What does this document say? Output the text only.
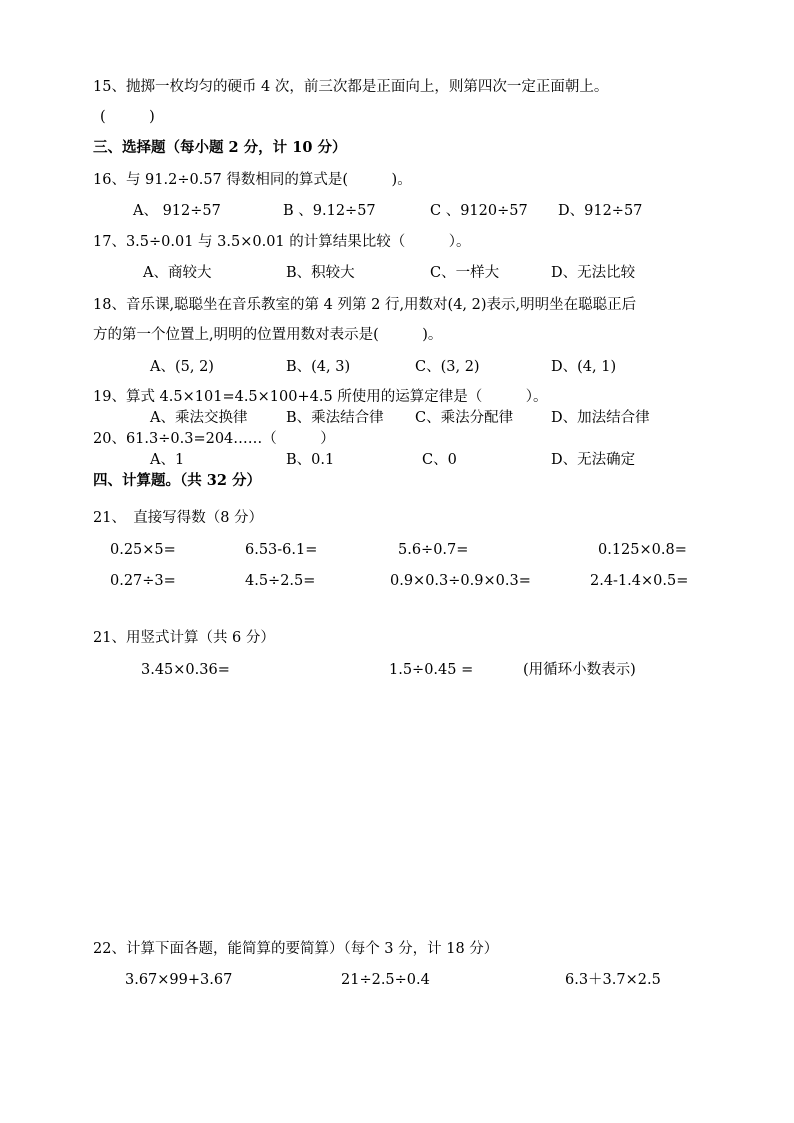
15、抛掷一枚均匀的硬币 4 次，前三次都是正面向上，则第四次一定正面朝上。
(　　　)
三、选择题（每小题 2 分，计 10 分）
16、与 91.2÷0.57 得数相同的算式是(　　　)。
A、 912÷57	B 、9.12÷57	C 、9120÷57 D、912÷57
17、3.5÷0.01 与 3.5×0.01 的计算结果比较（　　　）。
A、商较大	B、积较大	C、一样大	D、无法比较
18、音乐课,聪聪坐在音乐教室的第 4 列第 2 行,用数对(4, 2)表示,明明坐在聪聪正后
方的第一个位置上,明明的位置用数对表示是(　　　)。
A、(5, 2)	B、(4, 3)	C、(3, 2)	D、(4, 1)
19、算式 4.5×101=4.5×100+4.5 所使用的运算定律是（　　　）。
A、乘法交换律	B、乘法结合律 C、乘法分配律	D、加法结合律
20、61.3÷0.3=204……（　　　）
A、1	B、0.1	C、0	D、无法确定
四、计算题。（共 32 分）
21、　直接写得数（8 分）
0.25×5=	6.53-6.1=	5.6÷0.7=	0.125×0.8=
0.27÷3=	4.5÷2.5=	0.9×0.3÷0.9×0.3=	2.4-1.4×0.5=
21、用竖式计算（共 6 分）
3.45×0.36=	1.5÷0.45 =	(用循环小数表示)
22、计算下面各题，能简算的要简算）（每个 3 分，计 18 分）
3.67×99+3.67	21÷2.5÷0.4	6.3＋3.7×2.5
